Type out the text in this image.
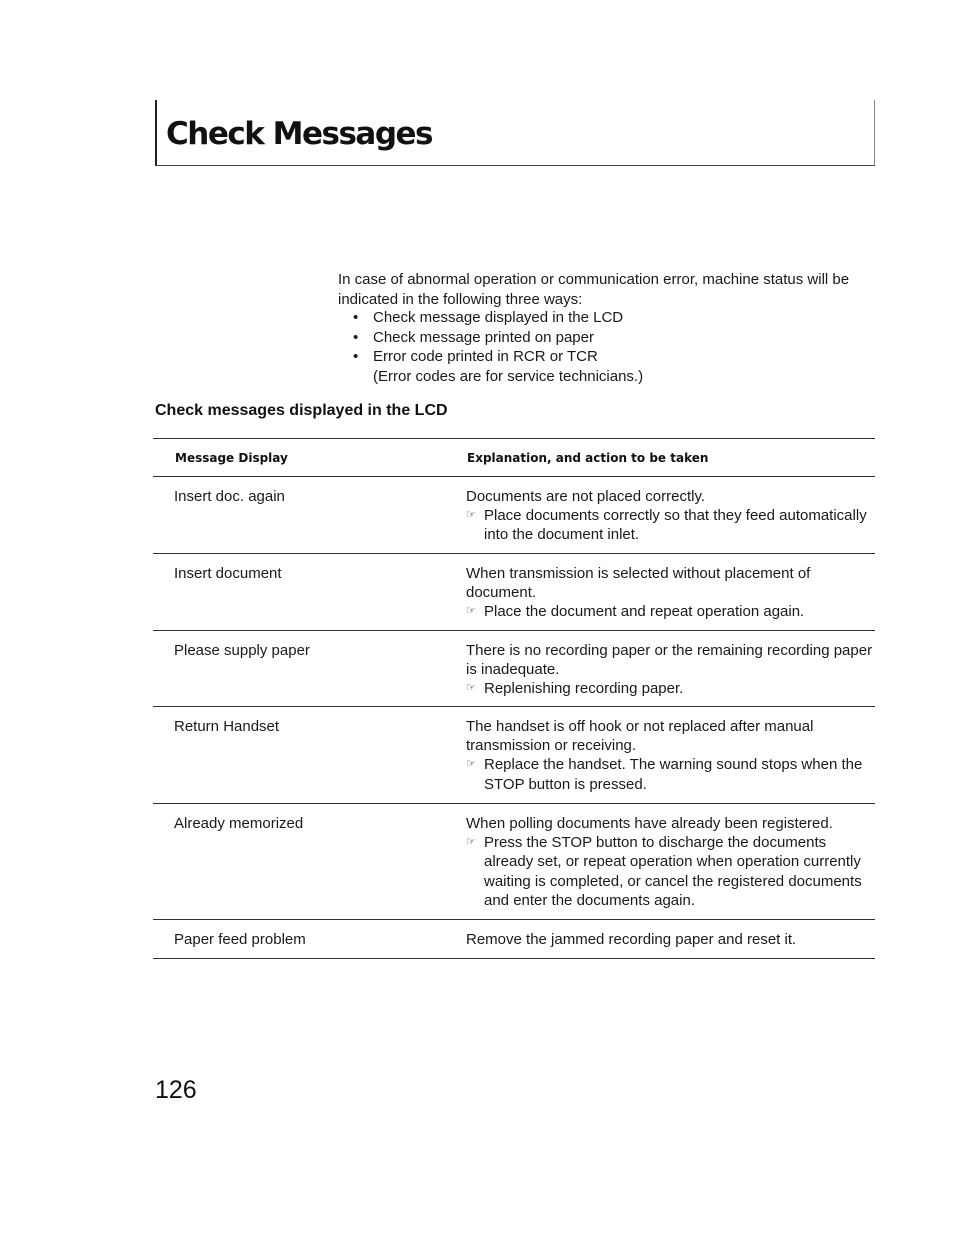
Check Messages

In case of abnormal operation or communication error, machine status will be indicated in the following three ways:

• Check message displayed in the LCD
• Check message printed on paper
• Error code printed in RCR or TCR
(Error codes are for service technicians.)
Check messages displayed in the LCD
Message Display	Explanation, and action to be taken
Insert doc. again	Documents are not placed correctly.
☞ Place documents correctly so that they feed automatically into the document inlet.
Insert document	When transmission is selected without placement of document.
☞ Place the document and repeat operation again.
Please supply paper	There is no recording paper or the remaining recording paper is inadequate.
☞ Replenishing recording paper.
Return Handset	The handset is off hook or not replaced after manual transmission or receiving.
☞ Replace the handset. The warning sound stops when the STOP button is pressed.
Already memorized	When polling documents have already been registered.
☞ Press the STOP button to discharge the documents already set, or repeat operation when operation currently waiting is completed, or cancel the registered documents and enter the documents again.
Paper feed problem	Remove the jammed recording paper and reset it.
126
